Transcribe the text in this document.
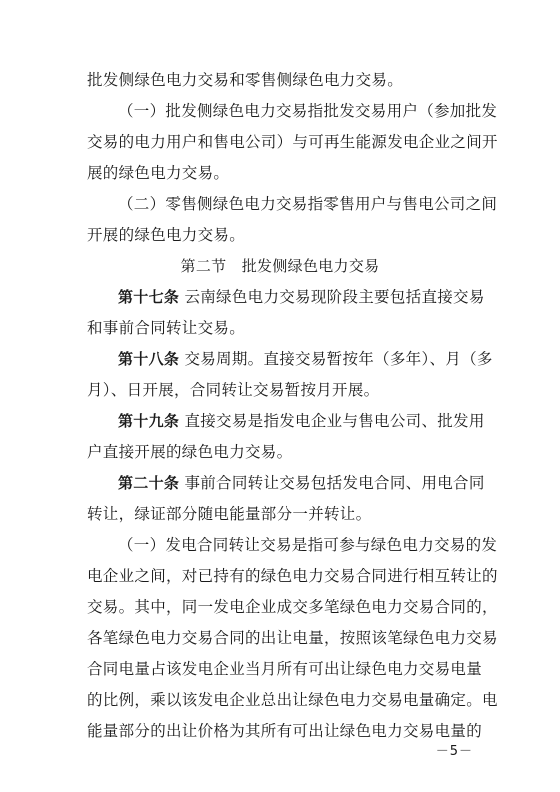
批发侧绿色电力交易和零售侧绿色电力交易。
（一）批发侧绿色电力交易指批发交易用户（参加批发
交易的电力用户和售电公司）与可再生能源发电企业之间开
展的绿色电力交易。
（二）零售侧绿色电力交易指零售用户与售电公司之间
开展的绿色电力交易。
第二节　批发侧绿色电力交易
第十七条 云南绿色电力交易现阶段主要包括直接交易
和事前合同转让交易。
第十八条 交易周期。直接交易暂按年（多年）、月（多
月）、日开展，合同转让交易暂按月开展。
第十九条 直接交易是指发电企业与售电公司、批发用
户直接开展的绿色电力交易。
第二十条 事前合同转让交易包括发电合同、用电合同
转让，绿证部分随电能量部分一并转让。
（一）发电合同转让交易是指可参与绿色电力交易的发
电企业之间，对已持有的绿色电力交易合同进行相互转让的
交易。其中，同一发电企业成交多笔绿色电力交易合同的，
各笔绿色电力交易合同的出让电量，按照该笔绿色电力交易
合同电量占该发电企业当月所有可出让绿色电力交易电量
的比例，乘以该发电企业总出让绿色电力交易电量确定。电
能量部分的出让价格为其所有可出让绿色电力交易电量的
－5－
